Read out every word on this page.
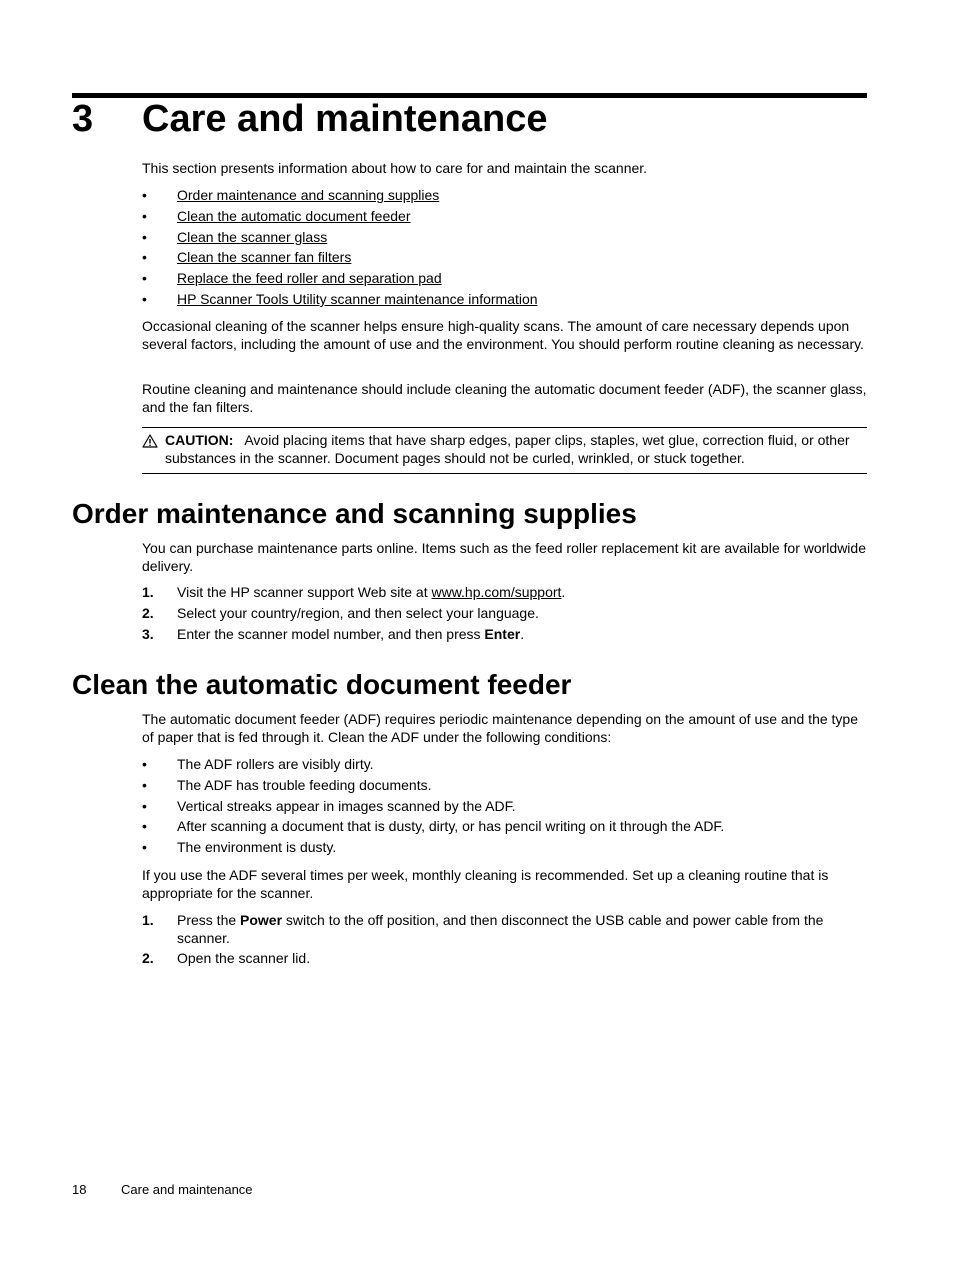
3 Care and maintenance

This section presents information about how to care for and maintain the scanner.

• Order maintenance and scanning supplies
• Clean the automatic document feeder
• Clean the scanner glass
• Clean the scanner fan filters
• Replace the feed roller and separation pad
• HP Scanner Tools Utility scanner maintenance information

Occasional cleaning of the scanner helps ensure high-quality scans. The amount of care necessary depends upon several factors, including the amount of use and the environment. You should perform routine cleaning as necessary.

Routine cleaning and maintenance should include cleaning the automatic document feeder (ADF), the scanner glass, and the fan filters.

CAUTION: Avoid placing items that have sharp edges, paper clips, staples, wet glue, correction fluid, or other substances in the scanner. Document pages should not be curled, wrinkled, or stuck together.
Order maintenance and scanning supplies

You can purchase maintenance parts online. Items such as the feed roller replacement kit are available for worldwide delivery.

1. Visit the HP scanner support Web site at www.hp.com/support.
2. Select your country/region, and then select your language.
3. Enter the scanner model number, and then press Enter.
Clean the automatic document feeder

The automatic document feeder (ADF) requires periodic maintenance depending on the amount of use and the type of paper that is fed through it. Clean the ADF under the following conditions:

• The ADF rollers are visibly dirty.
• The ADF has trouble feeding documents.
• Vertical streaks appear in images scanned by the ADF.
• After scanning a document that is dusty, dirty, or has pencil writing on it through the ADF.
• The environment is dusty.

If you use the ADF several times per week, monthly cleaning is recommended. Set up a cleaning routine that is appropriate for the scanner.

1. Press the Power switch to the off position, and then disconnect the USB cable and power cable from the scanner.
2. Open the scanner lid.
18	Care and maintenance
